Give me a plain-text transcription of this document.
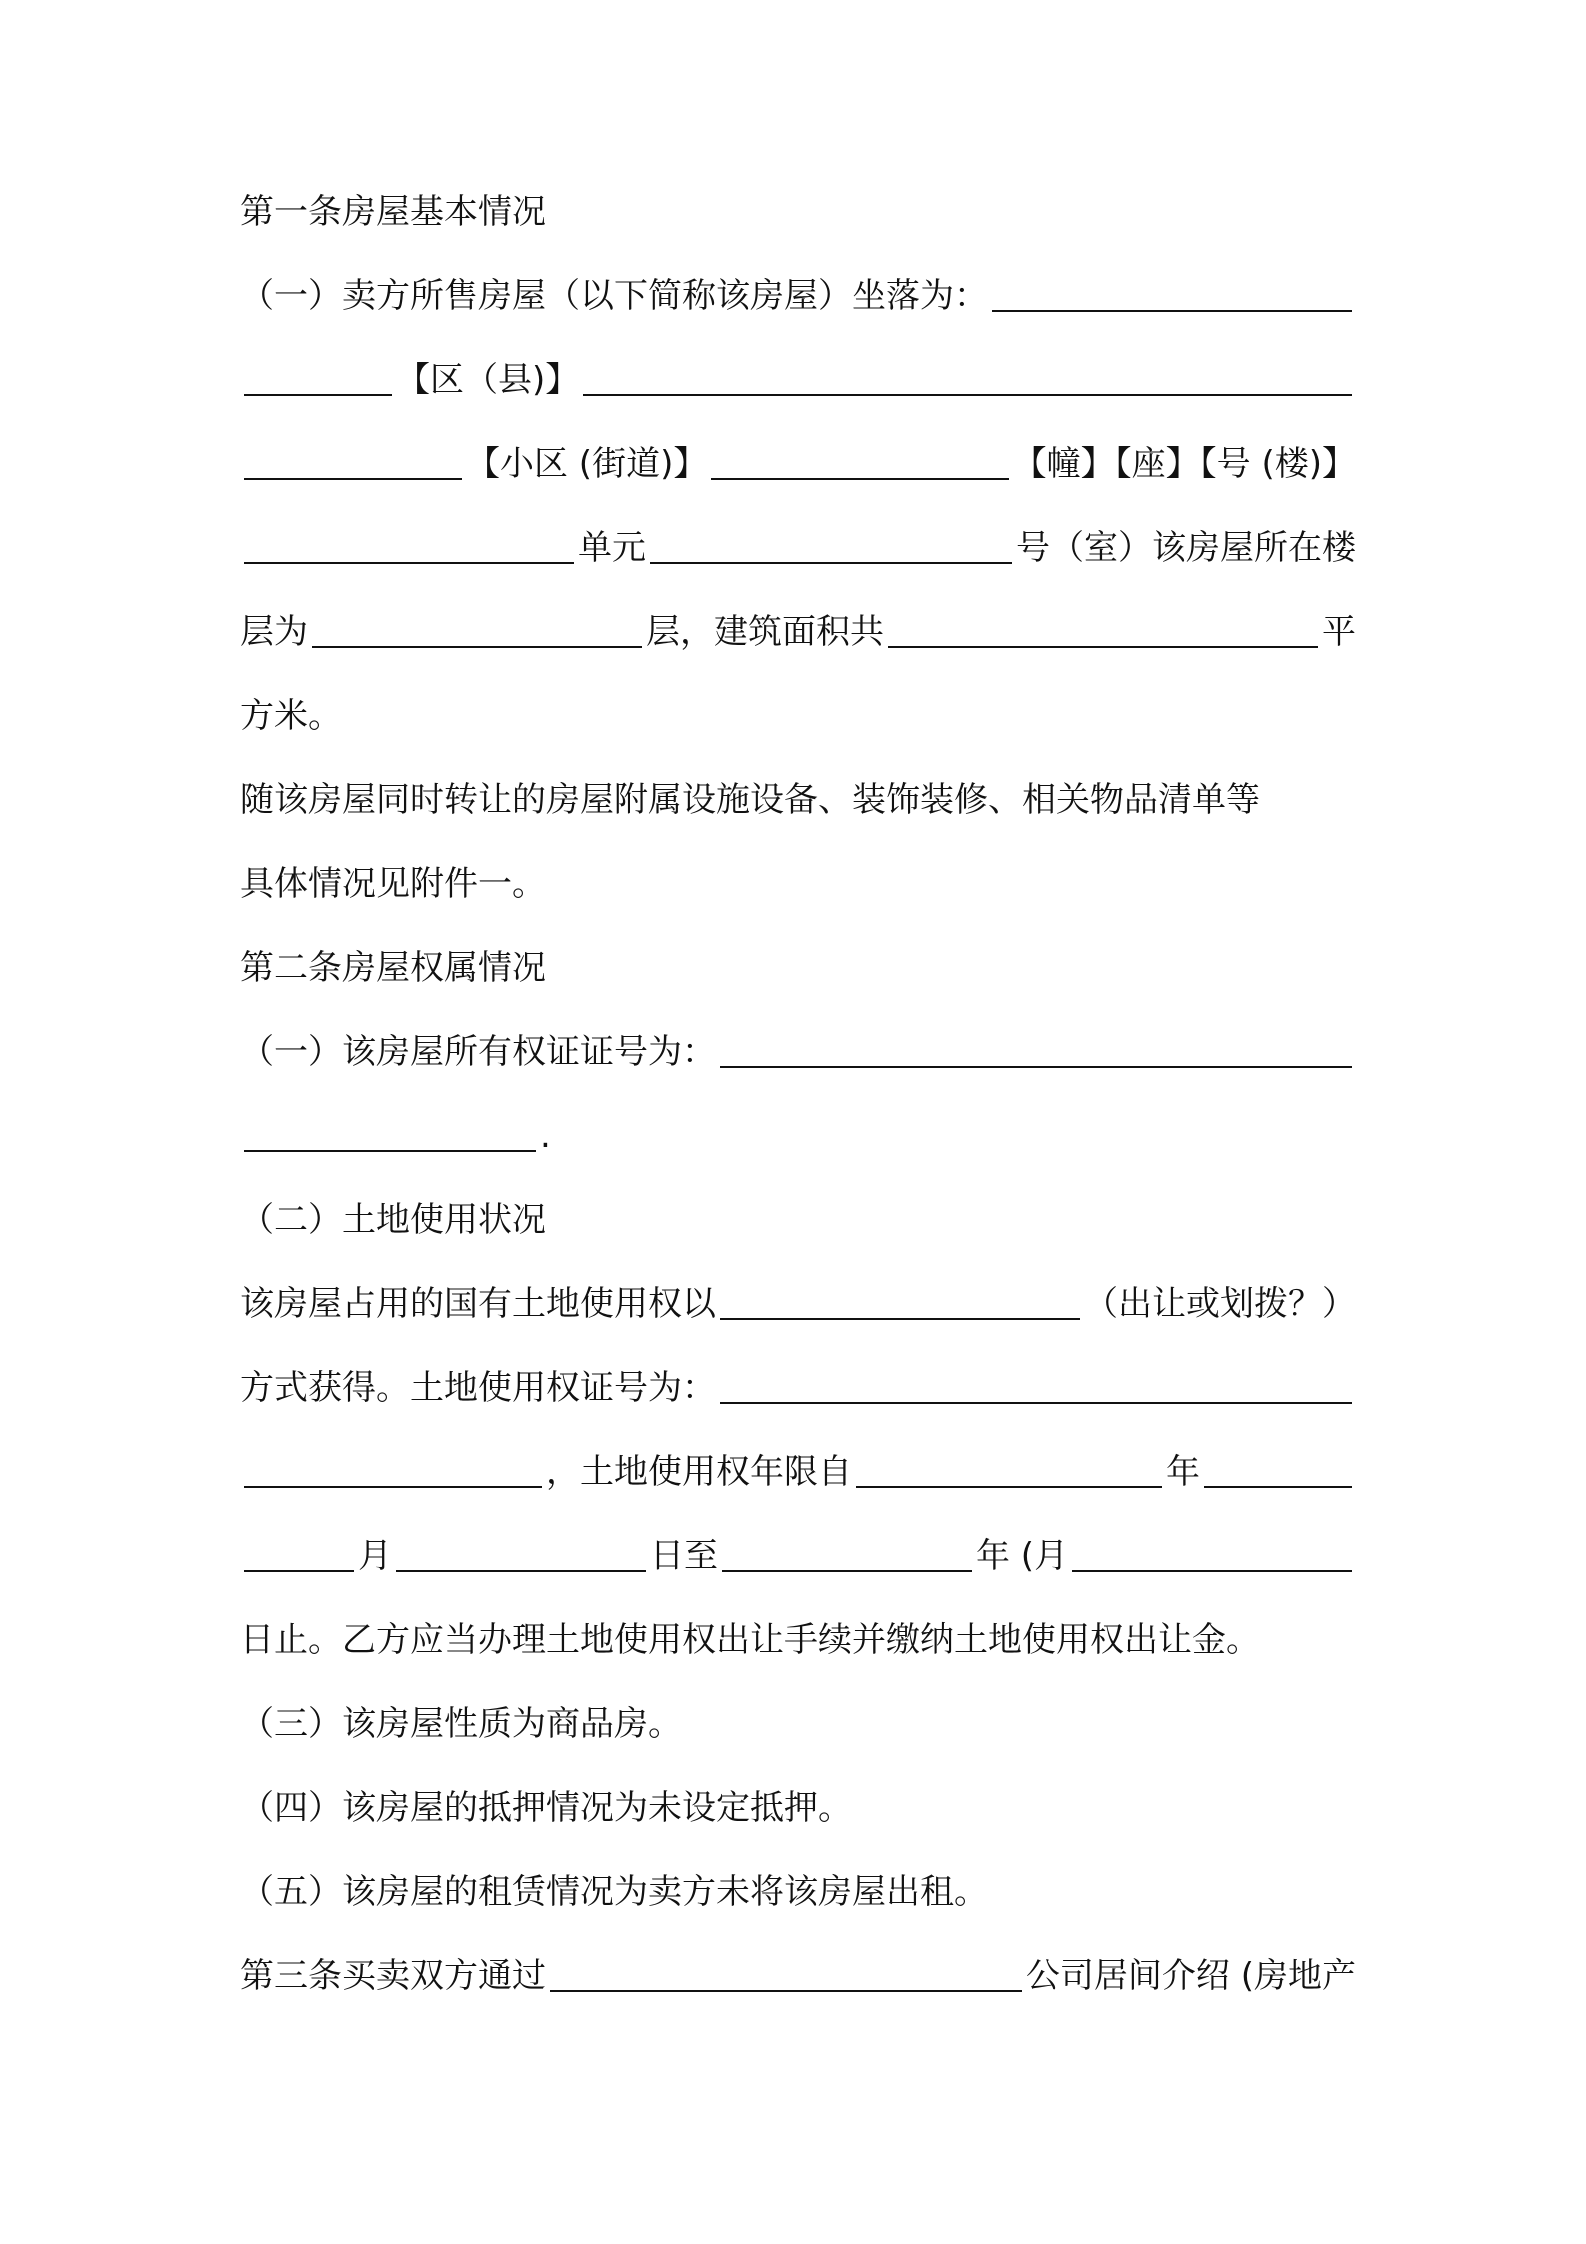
第一条房屋基本情况
（一）卖方所售房屋（以下简称该房屋）坐落为：
【区（县)】
【小区 (街道)】	【幢】【座】【号 (楼)】
单元	号（室）该房屋所在楼
层为	层，建筑面积共	平
方米。
随该房屋同时转让的房屋附属设施设备、装饰装修、相关物品清单等
具体情况见附件一。
第二条房屋权属情况
（一）该房屋所有权证证号为：
.
（二）土地使用状况
该房屋占用的国有土地使用权以	（出让或划拨？）
方式获得。土地使用权证号为：
，土地使用权年限自	年
月	日至	年 (月
日止。乙方应当办理土地使用权出让手续并缴纳土地使用权出让金。
（三）该房屋性质为商品房。
（四）该房屋的抵押情况为未设定抵押。
（五）该房屋的租赁情况为卖方未将该房屋出租。
第三条买卖双方通过	公司居间介绍 (房地产
